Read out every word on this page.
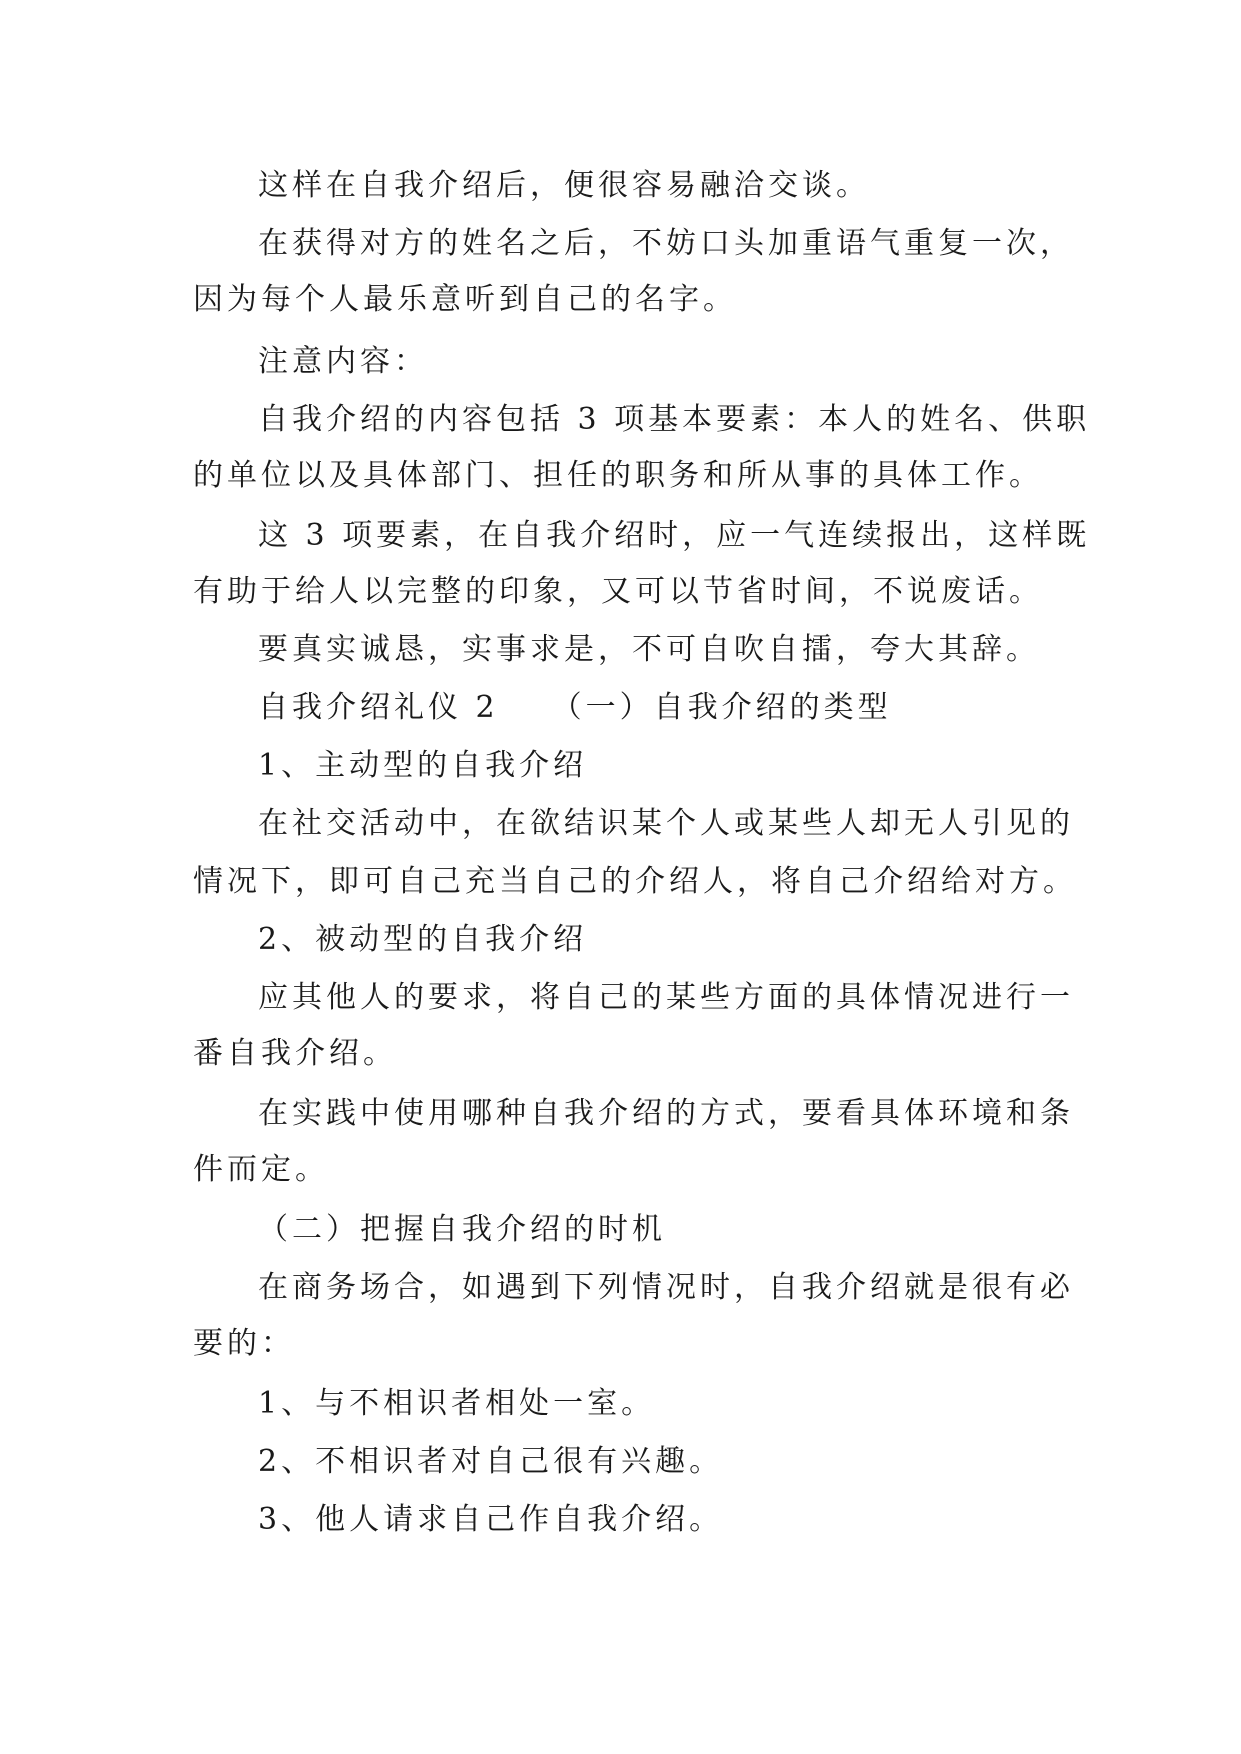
这样在自我介绍后，便很容易融洽交谈。
在获得对方的姓名之后，不妨口头加重语气重复一次，
因为每个人最乐意听到自己的名字。
注意内容：
自我介绍的内容包括 3 项基本要素：本人的姓名、供职
的单位以及具体部门、担任的职务和所从事的具体工作。
这 3 项要素，在自我介绍时，应一气连续报出，这样既
有助于给人以完整的印象，又可以节省时间，不说废话。
要真实诚恳，实事求是，不可自吹自擂，夸大其辞。
自我介绍礼仪 2　　（一）自我介绍的类型
1、主动型的自我介绍
在社交活动中，在欲结识某个人或某些人却无人引见的
情况下，即可自己充当自己的介绍人，将自己介绍给对方。
2、被动型的自我介绍
应其他人的要求，将自己的某些方面的具体情况进行一
番自我介绍。
在实践中使用哪种自我介绍的方式，要看具体环境和条
件而定。
（二）把握自我介绍的时机
在商务场合，如遇到下列情况时，自我介绍就是很有必
要的：
1、与不相识者相处一室。
2、不相识者对自己很有兴趣。
3、他人请求自己作自我介绍。
